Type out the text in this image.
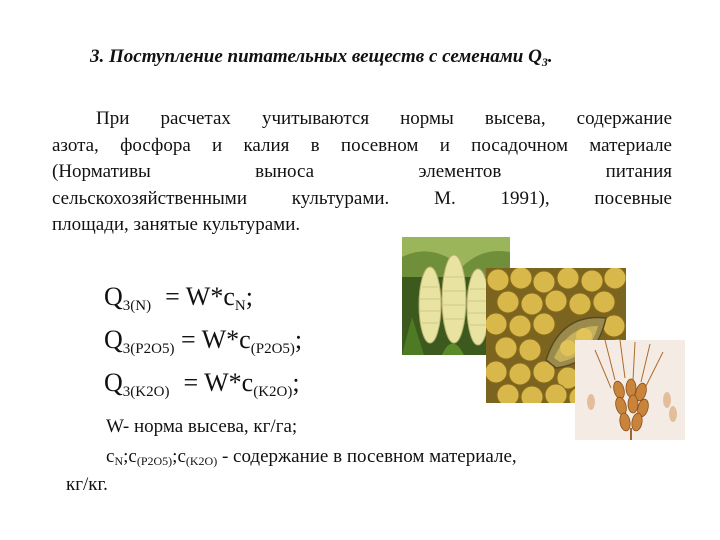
3. Поступление питательных веществ с семенами $Q_3$.
При расчетах учитываются нормы высева, содержание
азота, фосфора и калия в посевном и посадочном материале
(Нормативы выноса элементов питания
сельскохозяйственными культурами. М. 1991), посевные
площади, занятые культурами.
$Q_{3(N)} = W*c_N$;
$Q_{3(P2O5)} = W*c_{(P2O5)}$;
$Q_{3(K2O)} = W*c_{(K2O)}$;
W- норма высева, кг/га;
$c_N;c_{(P2O5)};c_{(K2O)}$ - содержание в посевном материале,
кг/кг.
